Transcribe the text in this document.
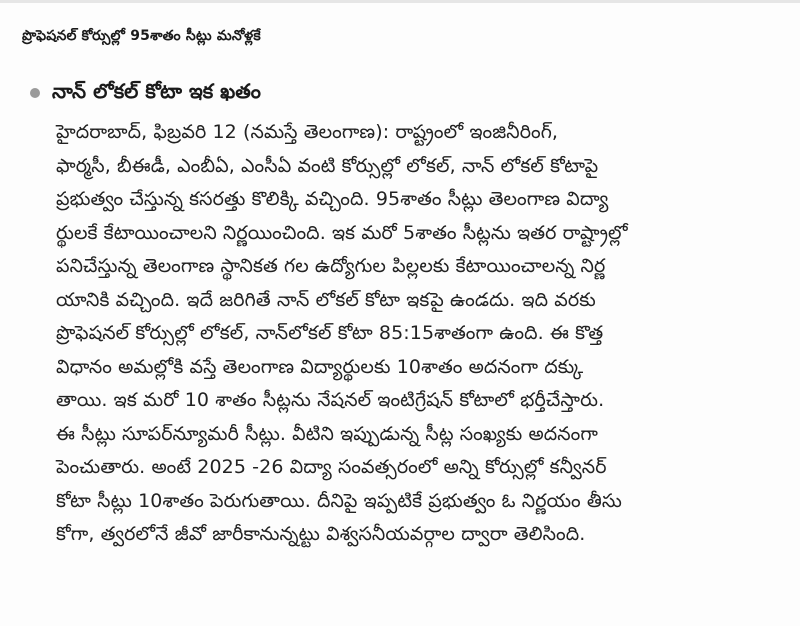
ప్రొఫెషనల్ కోర్సుల్లో 95శాతం సీట్లు మనోళ్లకే
నాన్ లోకల్ కోటా ఇక ఖతం
హైదరాబాద్, ఫిబ్రవరి 12 (నమస్తే తెలంగాణ): రాష్ట్రంలో ఇంజినీరింగ్,
ఫార్మసీ, బీఈడీ, ఎంబీఏ, ఎంసీఏ వంటి కోర్సుల్లో లోకల్, నాన్ లోకల్ కోటాపై
ప్రభుత్వం చేస్తున్న కసరత్తు కొలిక్కి వచ్చింది. 95శాతం సీట్లు తెలంగాణ విద్యా
ర్థులకే కేటాయించాలని నిర్ణయించింది. ఇక మరో 5శాతం సీట్లను ఇతర రాష్ట్రాల్లో
పనిచేస్తున్న తెలంగాణ స్థానికత గల ఉద్యోగుల పిల్లలకు కేటాయించాలన్న నిర్ణ
యానికి వచ్చింది. ఇదే జరిగితే నాన్ లోకల్ కోటా ఇకపై ఉండదు. ఇది వరకు
ప్రొఫెషనల్ కోర్సుల్లో లోకల్, నాన్‌లోకల్ కోటా 85:15శాతంగా ఉంది. ఈ కొత్త
విధానం అమల్లోకి వస్తే తెలంగాణ విద్యార్థులకు 10శాతం అదనంగా దక్కు
తాయి. ఇక మరో 10 శాతం సీట్లను నేషనల్ ఇంటిగ్రేషన్ కోటాలో భర్తీచేస్తారు.
ఈ సీట్లు సూపర్‌న్యూమరీ సీట్లు. వీటిని ఇప్పుడున్న సీట్ల సంఖ్యకు అదనంగా
పెంచుతారు. అంటే 2025 -26 విద్యా సంవత్సరంలో అన్ని కోర్సుల్లో కన్వీనర్
కోటా సీట్లు 10శాతం పెరుగుతాయి. దీనిపై ఇప్పటికే ప్రభుత్వం ఓ నిర్ణయం తీసు
కోగా, త్వరలోనే జీవో జారీకానున్నట్టు విశ్వసనీయవర్గాల ద్వారా తెలిసింది.
